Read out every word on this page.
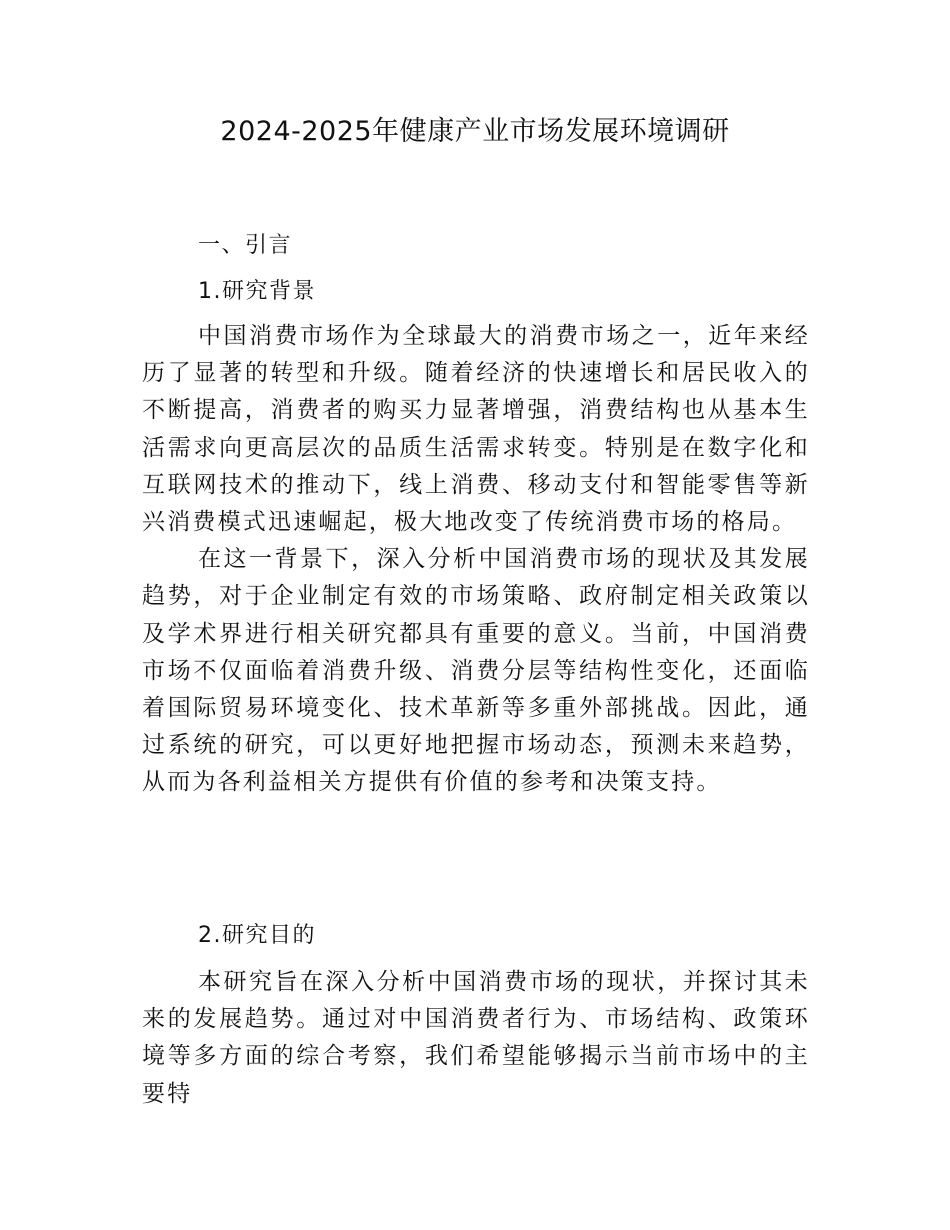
2024-2025年健康产业市场发展环境调研
一、引言
1.研究背景

中国消费市场作为全球最大的消费市场之一，近年来经历了显著的转型和升级。随着经济的快速增长和居民收入的不断提高，消费者的购买力显著增强，消费结构也从基本生活需求向更高层次的品质生活需求转变。特别是在数字化和互联网技术的推动下，线上消费、移动支付和智能零售等新兴消费模式迅速崛起，极大地改变了传统消费市场的格局。

在这一背景下，深入分析中国消费市场的现状及其发展趋势，对于企业制定有效的市场策略、政府制定相关政策以及学术界进行相关研究都具有重要的意义。当前，中国消费市场不仅面临着消费升级、消费分层等结构性变化，还面临着国际贸易环境变化、技术革新等多重外部挑战。因此，通过系统的研究，可以更好地把握市场动态，预测未来趋势，从而为各利益相关方提供有价值的参考和决策支持。

2.研究目的

本研究旨在深入分析中国消费市场的现状，并探讨其未来的发展趋势。通过对中国消费者行为、市场结构、政策环境等多方面的综合考察，我们希望能够揭示当前市场中的主要特
